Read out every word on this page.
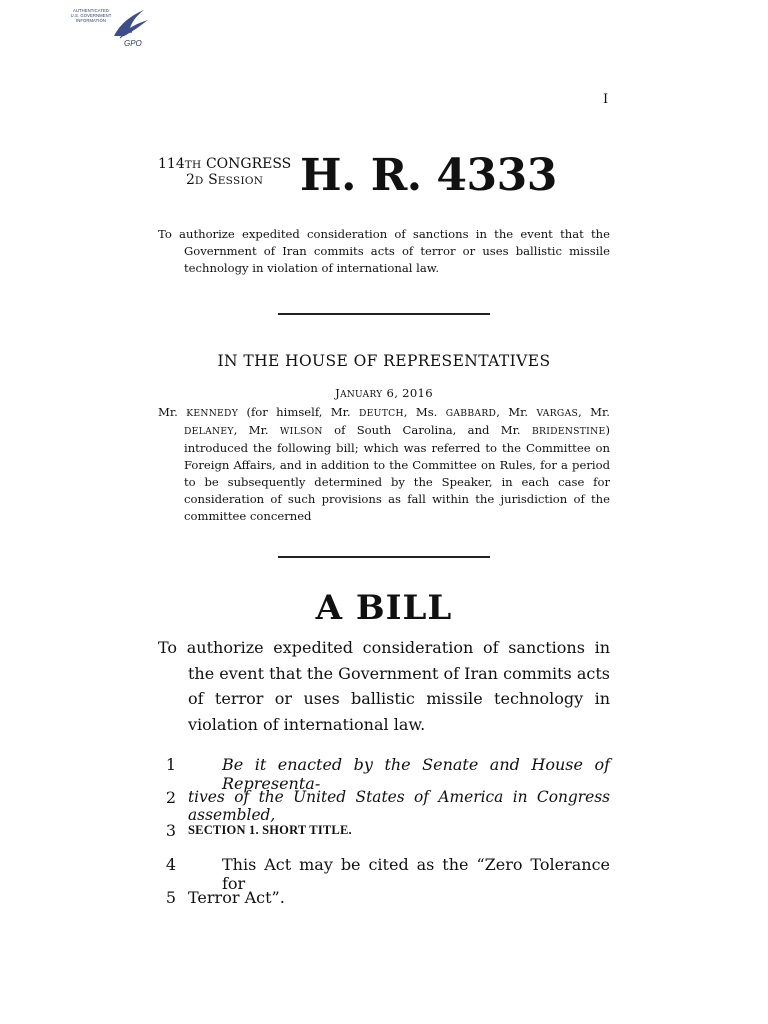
AUTHENTICATED
U.S. GOVERNMENT
INFORMATION
GPO
I
114TH CONGRESS
2D SESSION H. R. 4333
To authorize expedited consideration of sanctions in the event that the Government of Iran commits acts of terror or uses ballistic missile technology in violation of international law.
IN THE HOUSE OF REPRESENTATIVES
JANUARY 6, 2016
Mr. KENNEDY (for himself, Mr. DEUTCH, Ms. GABBARD, Mr. VARGAS, Mr. DELANEY, Mr. WILSON of South Carolina, and Mr. BRIDENSTINE) introduced the following bill; which was referred to the Committee on Foreign Affairs, and in addition to the Committee on Rules, for a period to be subsequently determined by the Speaker, in each case for consideration of such provisions as fall within the jurisdiction of the committee concerned
A BILL
To authorize expedited consideration of sanctions in the event that the Government of Iran commits acts of terror or uses ballistic missile technology in violation of international law.
1	Be it enacted by the Senate and House of Representa-
2 tives of the United States of America in Congress assembled,
3 SECTION 1. SHORT TITLE.
4	This Act may be cited as the “Zero Tolerance for
5 Terror Act”.
